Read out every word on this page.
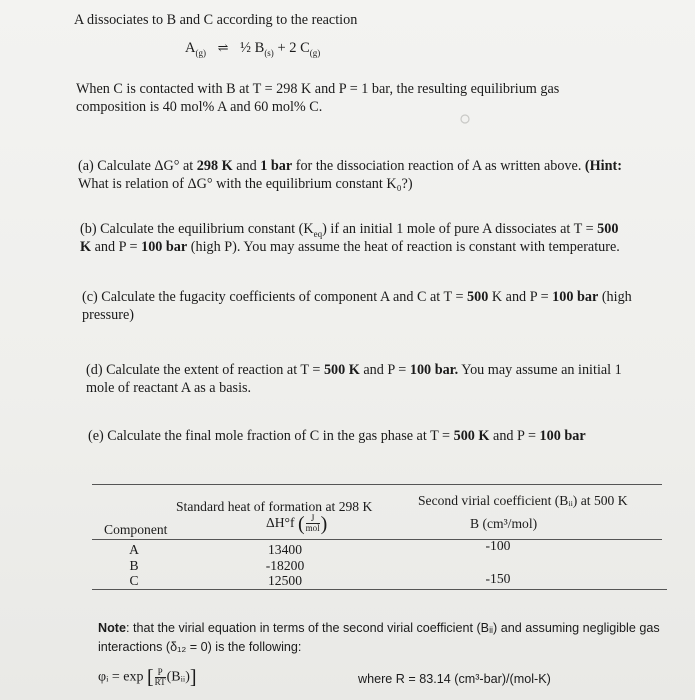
A dissociates to B and C according to the reaction
$A_{(g)}$ ⇌ ½ $B_{(s)} + 2$ $C_{(g)}$
When C is contacted with B at T = 298 K and P = 1 bar, the resulting equilibrium gas
composition is 40 mol% A and 60 mol% C.
(a) Calculate ΔG° at 298 K and 1 bar for the dissociation reaction of A as written above. (Hint:
What is relation of ΔG° with the equilibrium constant K₀?)
(b) Calculate the equilibrium constant $(K_{eq})$ if an initial 1 mole of pure A dissociates at T = 500
K and P = 100 bar (high P). You may assume the heat of reaction is constant with temperature.
(c) Calculate the fugacity coefficients of component A and C at T = 500 K and P = 100 bar (high
pressure)
(d) Calculate the extent of reaction at T = 500 K and P = 100 bar. You may assume an initial 1
mole of reactant A as a basis.
(e) Calculate the final mole fraction of C in the gas phase at T = 500 K and P = 100 bar
Standard heat of formation at 298 K	Second virial coefficient (Bᵢᵢ) at 500 K
Component	ΔH°f ( $\frac{J}{\text{mol}}$ )	B (cm³/mol)
A	13400	-100
B	-18200
C	12500	-150
Note: that the virial equation in terms of the second virial coefficient (Bᵢᵢ) and assuming negligible gas
interactions (δ₁₂ = 0) is the following:
φᵢ = exp [ $\frac{P}{RT}$ (Bᵢᵢ)]	where R = 83.14 (cm³-bar)/(mol-K)
